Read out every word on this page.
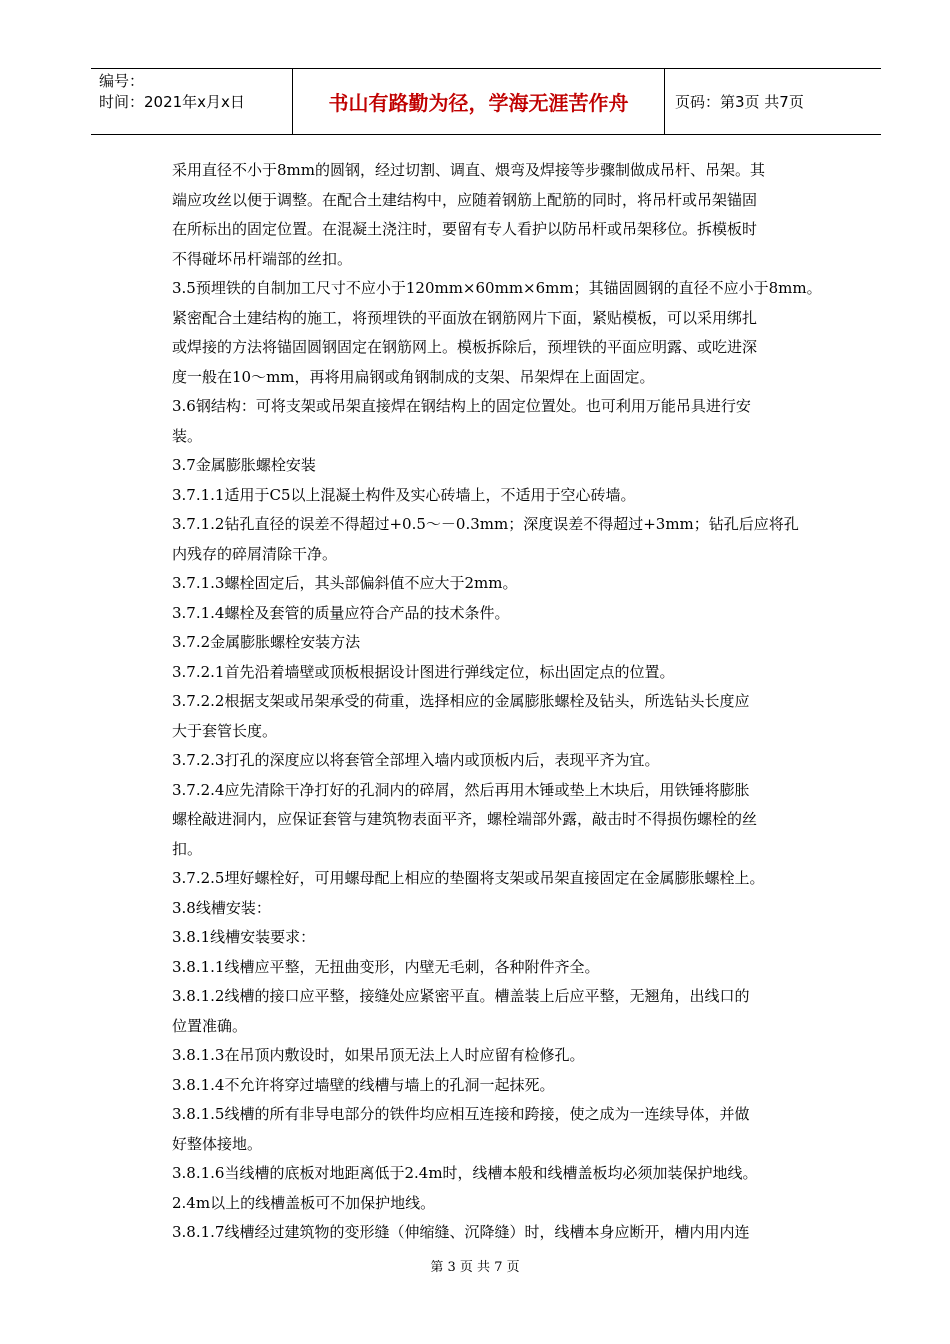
编号：
时间：2021年x月x日	书山有路勤为径，学海无涯苦作舟	页码：第3页 共7页

采用直径不小于8mm的圆钢，经过切割、调直、煨弯及焊接等步骤制做成吊杆、吊架。其

端应攻丝以便于调整。在配合土建结构中，应随着钢筋上配筋的同时，将吊杆或吊架锚固

在所标出的固定位置。在混凝土浇注时，要留有专人看护以防吊杆或吊架移位。拆模板时

不得碰坏吊杆端部的丝扣。

3.5预埋铁的自制加工尺寸不应小于120mm×60mm×6mm；其锚固圆钢的直径不应小于8mm。

紧密配合土建结构的施工，将预埋铁的平面放在钢筋网片下面，紧贴模板，可以采用绑扎

或焊接的方法将锚固圆钢固定在钢筋网上。模板拆除后，预埋铁的平面应明露、或吃进深

度一般在10～mm，再将用扁钢或角钢制成的支架、吊架焊在上面固定。

3.6钢结构：可将支架或吊架直接焊在钢结构上的固定位置处。也可利用万能吊具进行安

装。

3.7金属膨胀螺栓安装

3.7.1.1适用于C5以上混凝土构件及实心砖墙上，不适用于空心砖墙。

3.7.1.2钻孔直径的误差不得超过+0.5～－0.3mm；深度误差不得超过+3mm；钻孔后应将孔

内残存的碎屑清除干净。

3.7.1.3螺栓固定后，其头部偏斜值不应大于2mm。

3.7.1.4螺栓及套管的质量应符合产品的技术条件。

3.7.2金属膨胀螺栓安装方法

3.7.2.1首先沿着墙壁或顶板根据设计图进行弹线定位，标出固定点的位置。

3.7.2.2根据支架或吊架承受的荷重，选择相应的金属膨胀螺栓及钻头，所选钻头长度应

大于套管长度。

3.7.2.3打孔的深度应以将套管全部埋入墙内或顶板内后，表现平齐为宜。

3.7.2.4应先清除干净打好的孔洞内的碎屑，然后再用木锤或垫上木块后，用铁锤将膨胀

螺栓敲进洞内，应保证套管与建筑物表面平齐，螺栓端部外露，敲击时不得损伤螺栓的丝

扣。

3.7.2.5埋好螺栓好，可用螺母配上相应的垫圈将支架或吊架直接固定在金属膨胀螺栓上。

3.8线槽安装：

3.8.1线槽安装要求：

3.8.1.1线槽应平整，无扭曲变形，内壁无毛刺，各种附件齐全。

3.8.1.2线槽的接口应平整，接缝处应紧密平直。槽盖装上后应平整，无翘角，出线口的

位置准确。

3.8.1.3在吊顶内敷设时，如果吊顶无法上人时应留有检修孔。

3.8.1.4不允许将穿过墙壁的线槽与墙上的孔洞一起抹死。

3.8.1.5线槽的所有非导电部分的铁件均应相互连接和跨接，使之成为一连续导体，并做

好整体接地。

3.8.1.6当线槽的底板对地距离低于2.4m时，线槽本般和线槽盖板均必须加装保护地线。

2.4m以上的线槽盖板可不加保护地线。

3.8.1.7线槽经过建筑物的变形缝（伸缩缝、沉降缝）时，线槽本身应断开，槽内用内连

第 3 页 共 7 页
